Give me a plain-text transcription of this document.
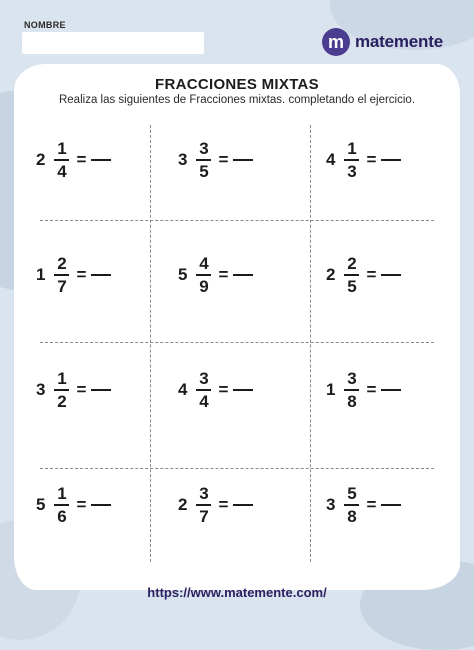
NOMBRE
m matemente
FRACCIONES MIXTAS
Realiza las siguientes de Fracciones mixtas. completando el ejercicio.
$2 \frac{1}{4}$ =	$3 \frac{3}{5}$ =	$4 \frac{1}{3}$ =
$1 \frac{2}{7}$ =	$5 \frac{4}{9}$ =	$2 \frac{2}{5}$ =
$3 \frac{1}{2}$ =	$4 \frac{3}{4}$ =	$1 \frac{3}{8}$ =
$5 \frac{1}{6}$ =	$2 \frac{3}{7}$ =	$3 \frac{5}{8}$ =
https://www.matemente.com/
